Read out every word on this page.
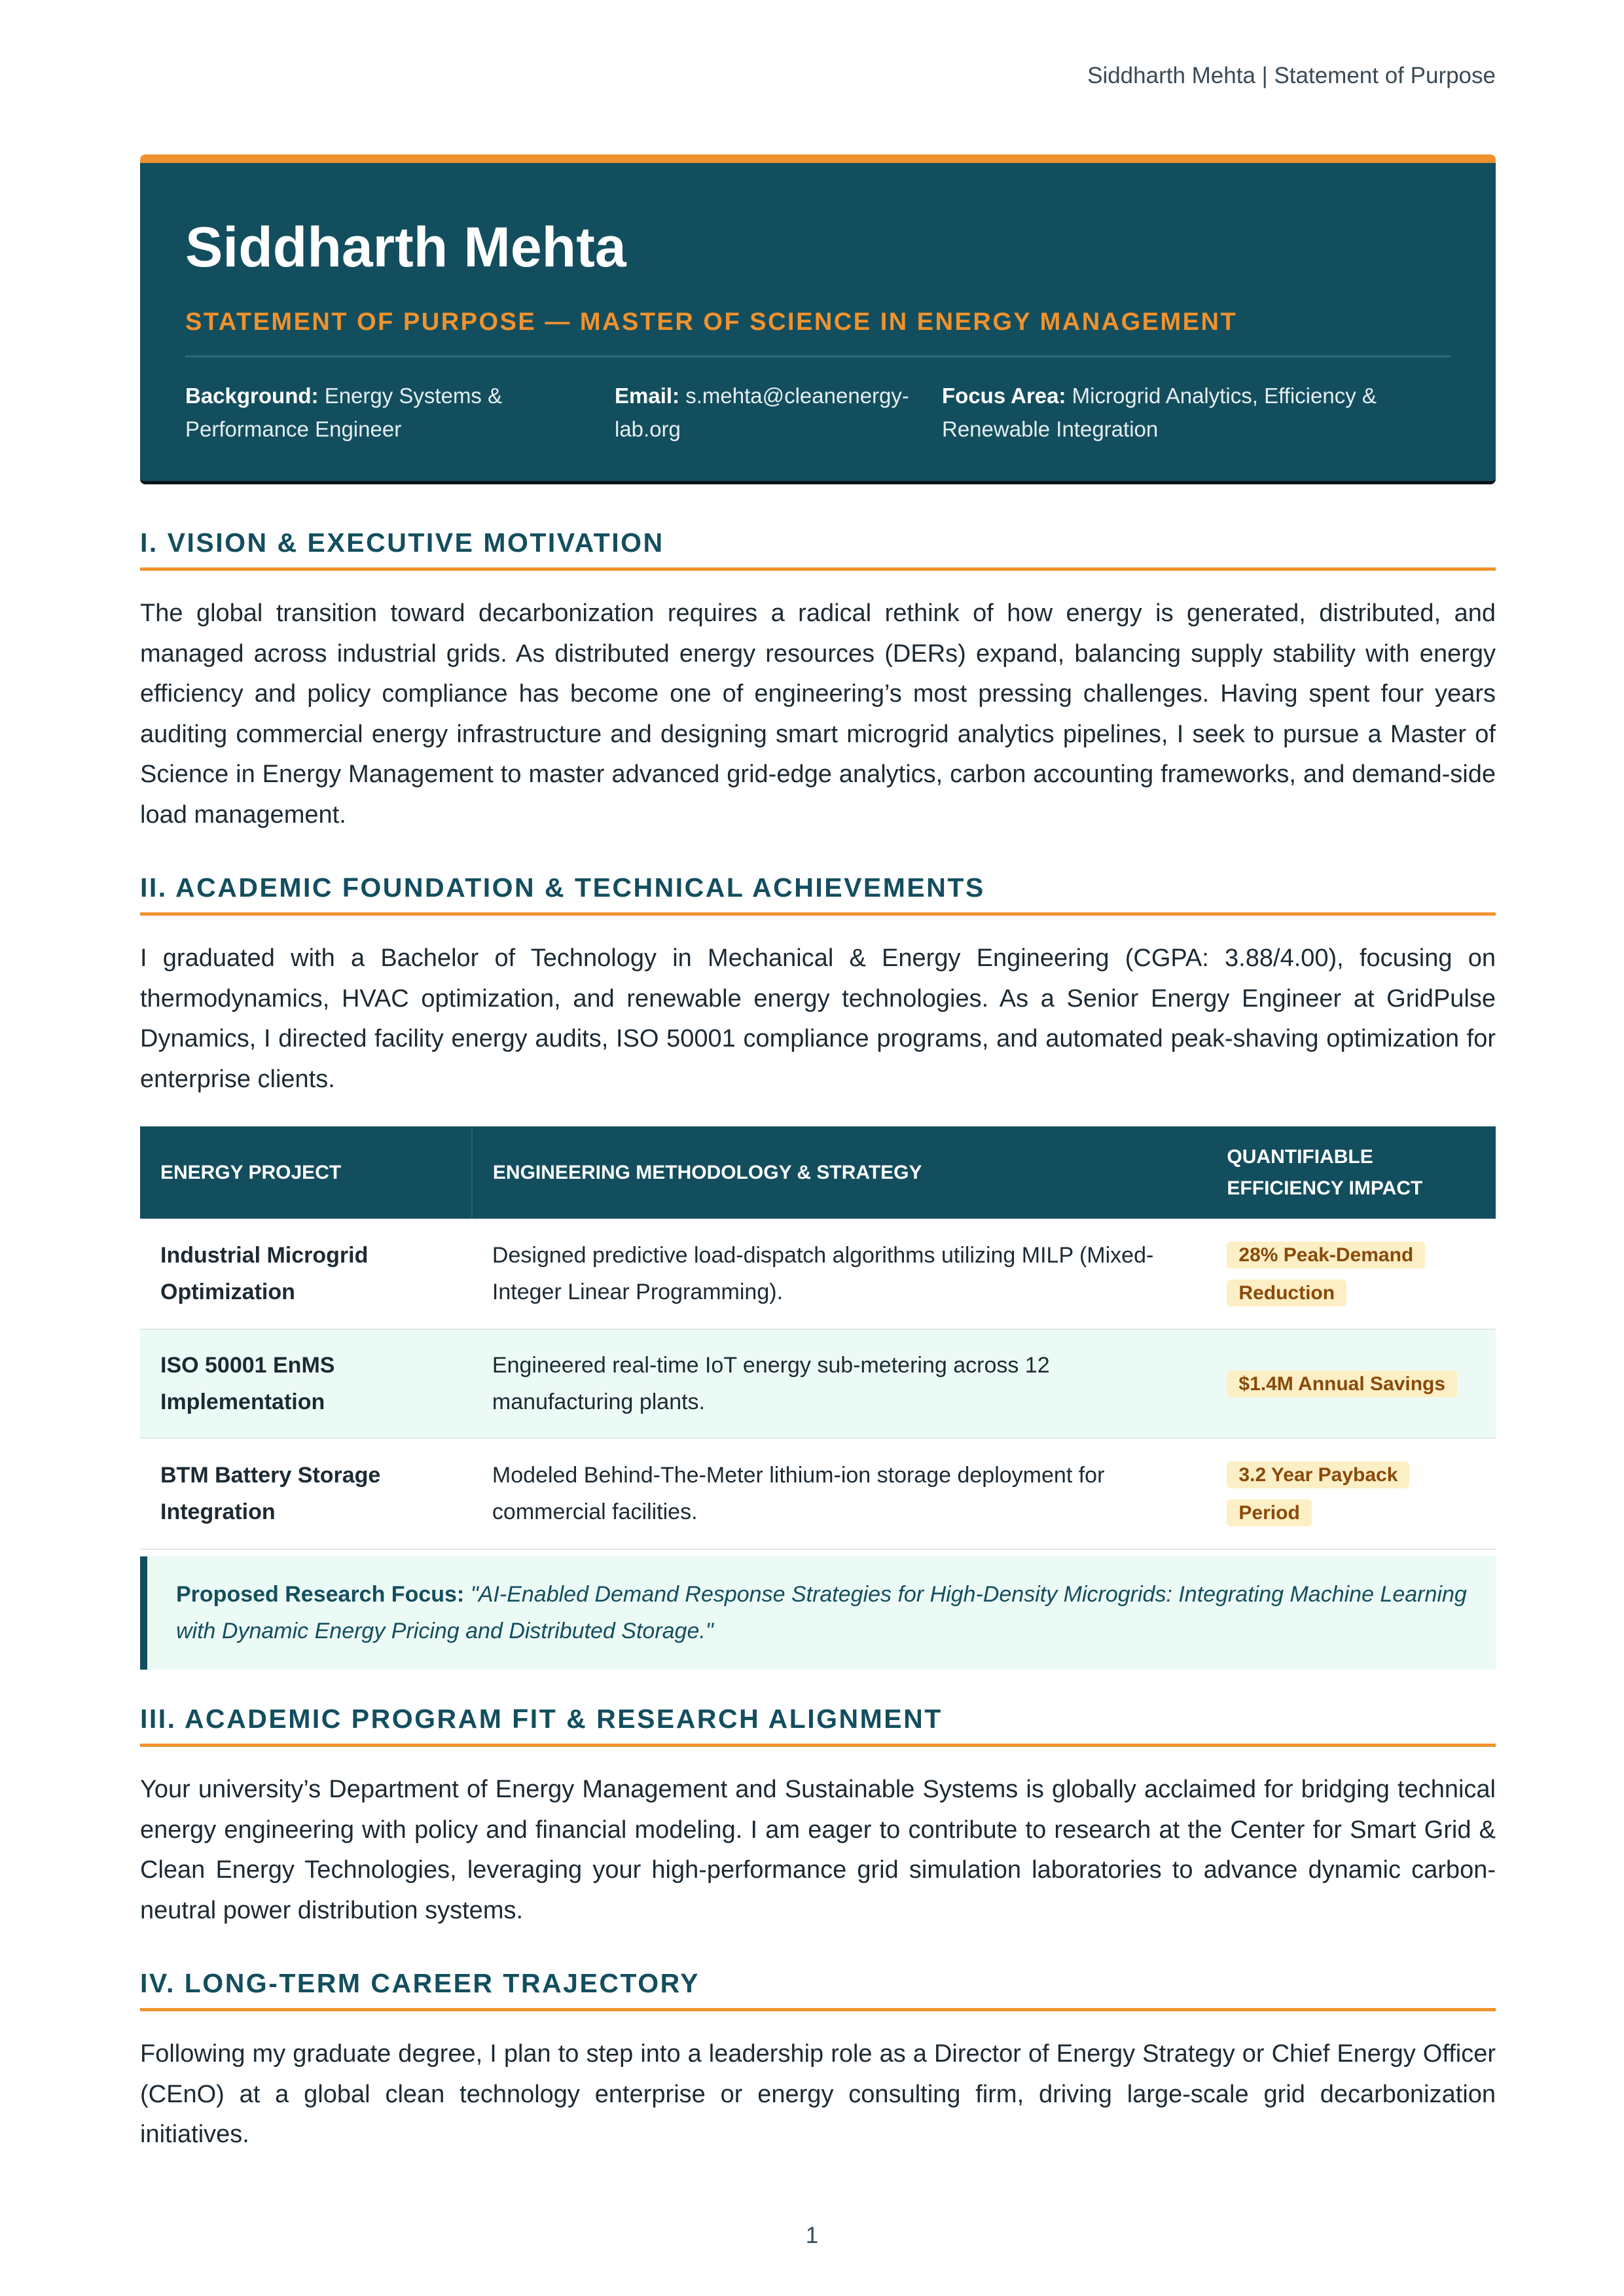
Siddharth Mehta | Statement of Purpose
Siddharth Mehta
STATEMENT OF PURPOSE — MASTER OF SCIENCE IN ENERGY MANAGEMENT
Background: Energy Systems & Performance Engineer
Email: s.mehta@cleanenergy-lab.org
Focus Area: Microgrid Analytics, Efficiency & Renewable Integration
I. VISION & EXECUTIVE MOTIVATION
The global transition toward decarbonization requires a radical rethink of how energy is generated, distributed, and managed across industrial grids. As distributed energy resources (DERs) expand, balancing supply stability with energy efficiency and policy compliance has become one of engineering’s most pressing challenges. Having spent four years auditing commercial energy infrastructure and designing smart microgrid analytics pipelines, I seek to pursue a Master of Science in Energy Management to master advanced grid-edge analytics, carbon accounting frameworks, and demand-side load management.
II. ACADEMIC FOUNDATION & TECHNICAL ACHIEVEMENTS
I graduated with a Bachelor of Technology in Mechanical & Energy Engineering (CGPA: 3.88/4.00), focusing on thermodynamics, HVAC optimization, and renewable energy technologies. As a Senior Energy Engineer at GridPulse Dynamics, I directed facility energy audits, ISO 50001 compliance programs, and automated peak-shaving optimization for enterprise clients.
ENERGY PROJECT	ENGINEERING METHODOLOGY & STRATEGY	QUANTIFIABLE EFFICIENCY IMPACT
Industrial Microgrid Optimization	Designed predictive load-dispatch algorithms utilizing MILP (Mixed-Integer Linear Programming).	28% Peak-Demand Reduction
ISO 50001 EnMS Implementation	Engineered real-time IoT energy sub-metering across 12 manufacturing plants.	$1.4M Annual Savings
BTM Battery Storage Integration	Modeled Behind-The-Meter lithium-ion storage deployment for commercial facilities.	3.2 Year Payback Period
Proposed Research Focus: "AI-Enabled Demand Response Strategies for High-Density Microgrids: Integrating Machine Learning with Dynamic Energy Pricing and Distributed Storage."
III. ACADEMIC PROGRAM FIT & RESEARCH ALIGNMENT
Your university’s Department of Energy Management and Sustainable Systems is globally acclaimed for bridging technical energy engineering with policy and financial modeling. I am eager to contribute to research at the Center for Smart Grid & Clean Energy Technologies, leveraging your high-performance grid simulation laboratories to advance dynamic carbon-neutral power distribution systems.
IV. LONG-TERM CAREER TRAJECTORY
Following my graduate degree, I plan to step into a leadership role as a Director of Energy Strategy or Chief Energy Officer (CEnO) at a global clean technology enterprise or energy consulting firm, driving large-scale grid decarbonization initiatives.
1
